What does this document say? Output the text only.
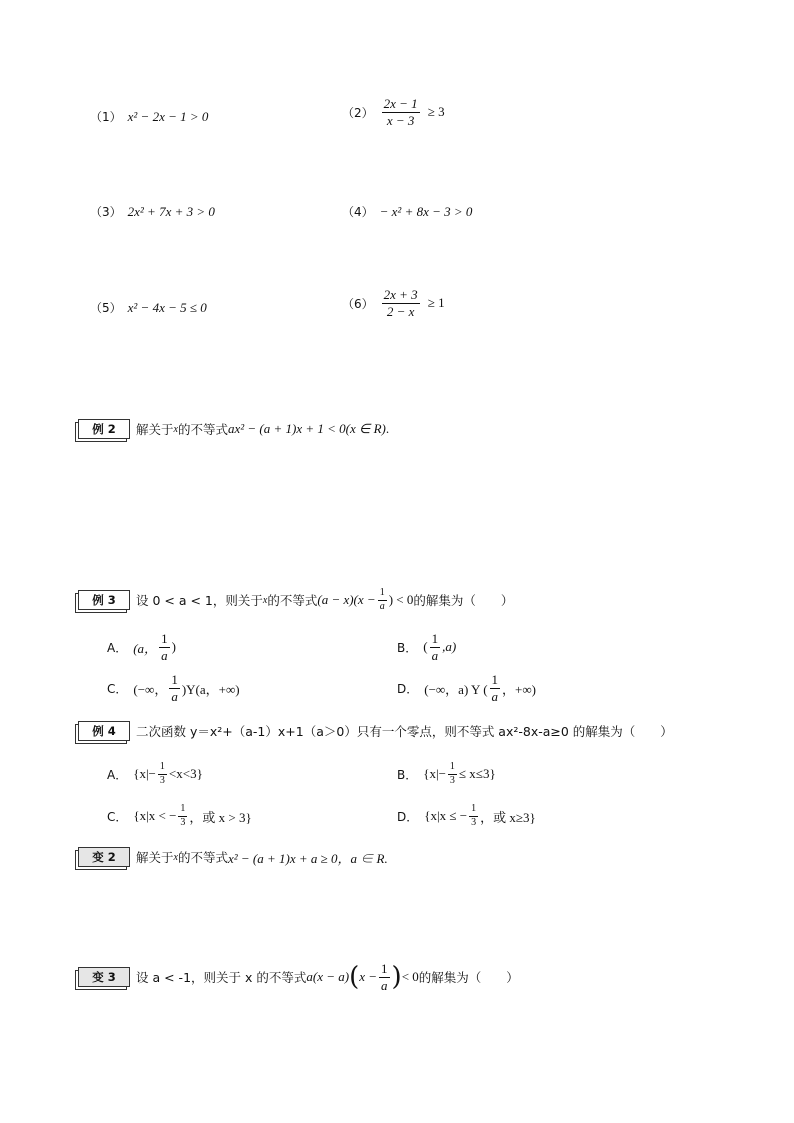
（1） x² − 2x − 1 > 0	$(2) \frac{2x - 1}{x - 3} \ge 3$
（3） 2x² + 7x + 3 > 0	（4） − x² + 8x − 3 > 0
（5） x² − 4x − 5 ≤ 0	$(6) \frac{2x + 3}{2 - x} \ge 1$
例 2	解关于 x 的不等式 ax² − (a + 1)x + 1 < 0(x ∈ R) .
例 3	设 0 < a < 1，则关于 x 的不等式 $(a - x)(x - \frac{1}{a}$ ) < 0 的解集为（　　）
A． (a， $\frac{1}{a}$ )	B． ( $\frac{1}{a} ,a$)
C． (−∞， $\frac{1}{a} )Y(a$，+∞)	D． (−∞，a) Y ( $\frac{1}{a}$ ，+∞)
例 4	二次函数 y＝x²+（a-1）x+1（a＞0）只有一个零点，则不等式 ax²-8x-a≥0 的解集为（　　）
A． $\{x|- \frac{1}{3} <x<3\}$	B． $\{x|- \frac{1}{3} \le x\le 3\}$
C． {x|x < − $\frac{1}{3}$ ，或 x > 3}	D． {x|x ≤ − $\frac{1}{3}$ ，或 x≥3}
变 2	解关于 x 的不等式 x² − (a + 1)x + a ≥ 0，a ∈ R.
变 3	设 a < -1，则关于 x 的不等式 a(x − a) ( $x - \frac{1}{a}$ ) < 0 的解集为（　　）
